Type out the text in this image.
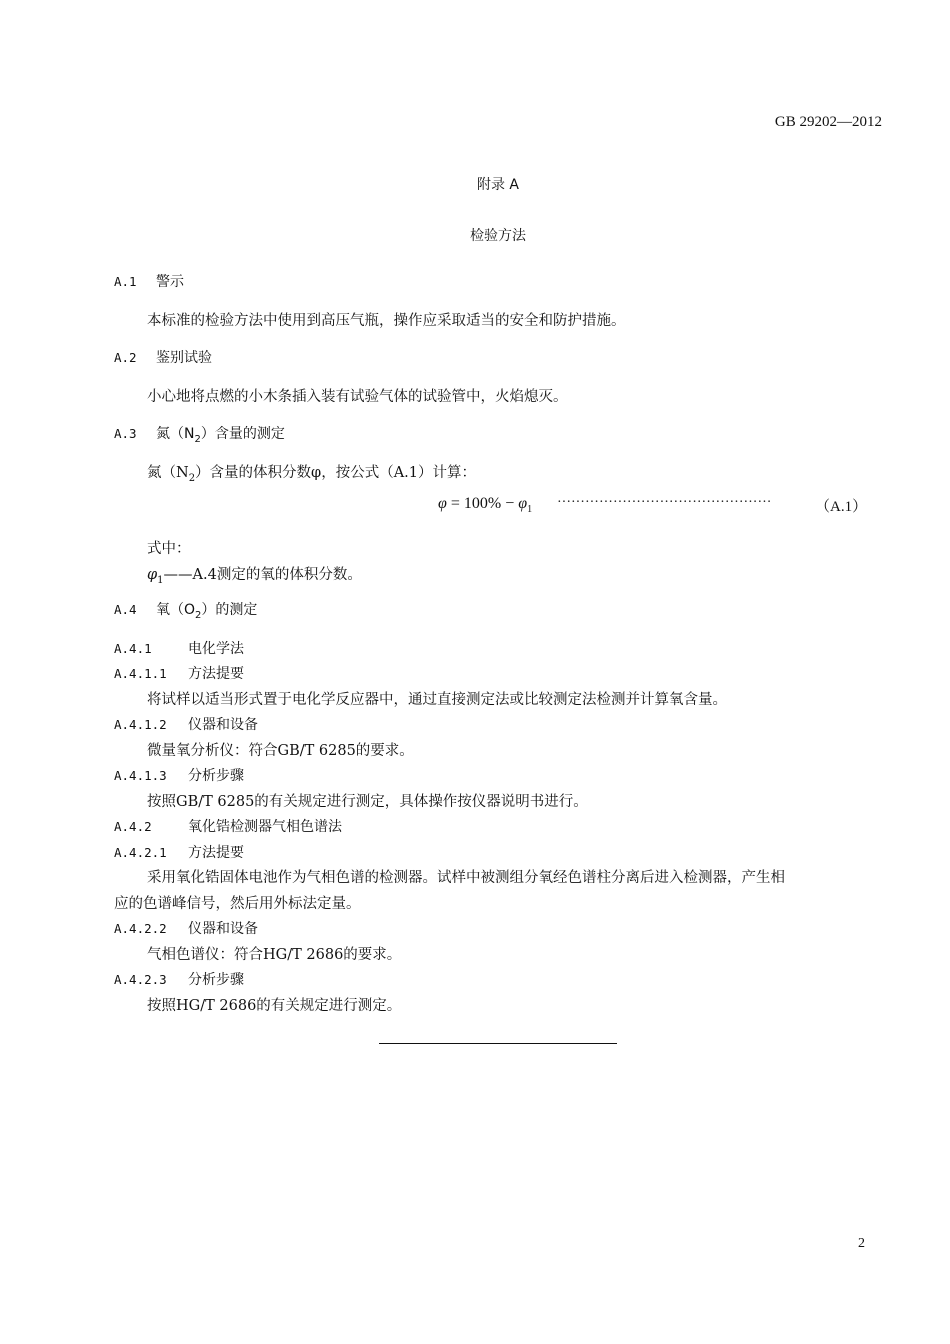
GB 29202—2012
附录 A
检验方法
A.1 警示
本标准的检验方法中使用到高压气瓶，操作应采取适当的安全和防护措施。
A.2 鉴别试验
小心地将点燃的小木条插入装有试验气体的试验管中，火焰熄灭。
A.3 氮$(N_2)$含量的测定
氮$(N_2)$含量的体积分数φ，按公式（A.1）计算：
$\varphi = 100\% - \varphi_1$ ··············································	（A.1）
式中：
$\varphi_1——A.4$测定的氧的体积分数。
A.4 氧$(O_2)$的测定
A.4.1	电化学法
A.4.1.1 方法提要
将试样以适当形式置于电化学反应器中，通过直接测定法或比较测定法检测并计算氧含量。
A.4.1.2 仪器和设备
微量氧分析仪：符合GB/T 6285的要求。
A.4.1.3 分析步骤
按照GB/T 6285的有关规定进行测定，具体操作按仪器说明书进行。
A.4.2	氧化锆检测器气相色谱法
A.4.2.1 方法提要
采用氧化锆固体电池作为气相色谱的检测器。试样中被测组分氧经色谱柱分离后进入检测器，产生相
应的色谱峰信号，然后用外标法定量。
A.4.2.2 仪器和设备
气相色谱仪：符合HG/T 2686的要求。
A.4.2.3 分析步骤
按照HG/T 2686的有关规定进行测定。
2
